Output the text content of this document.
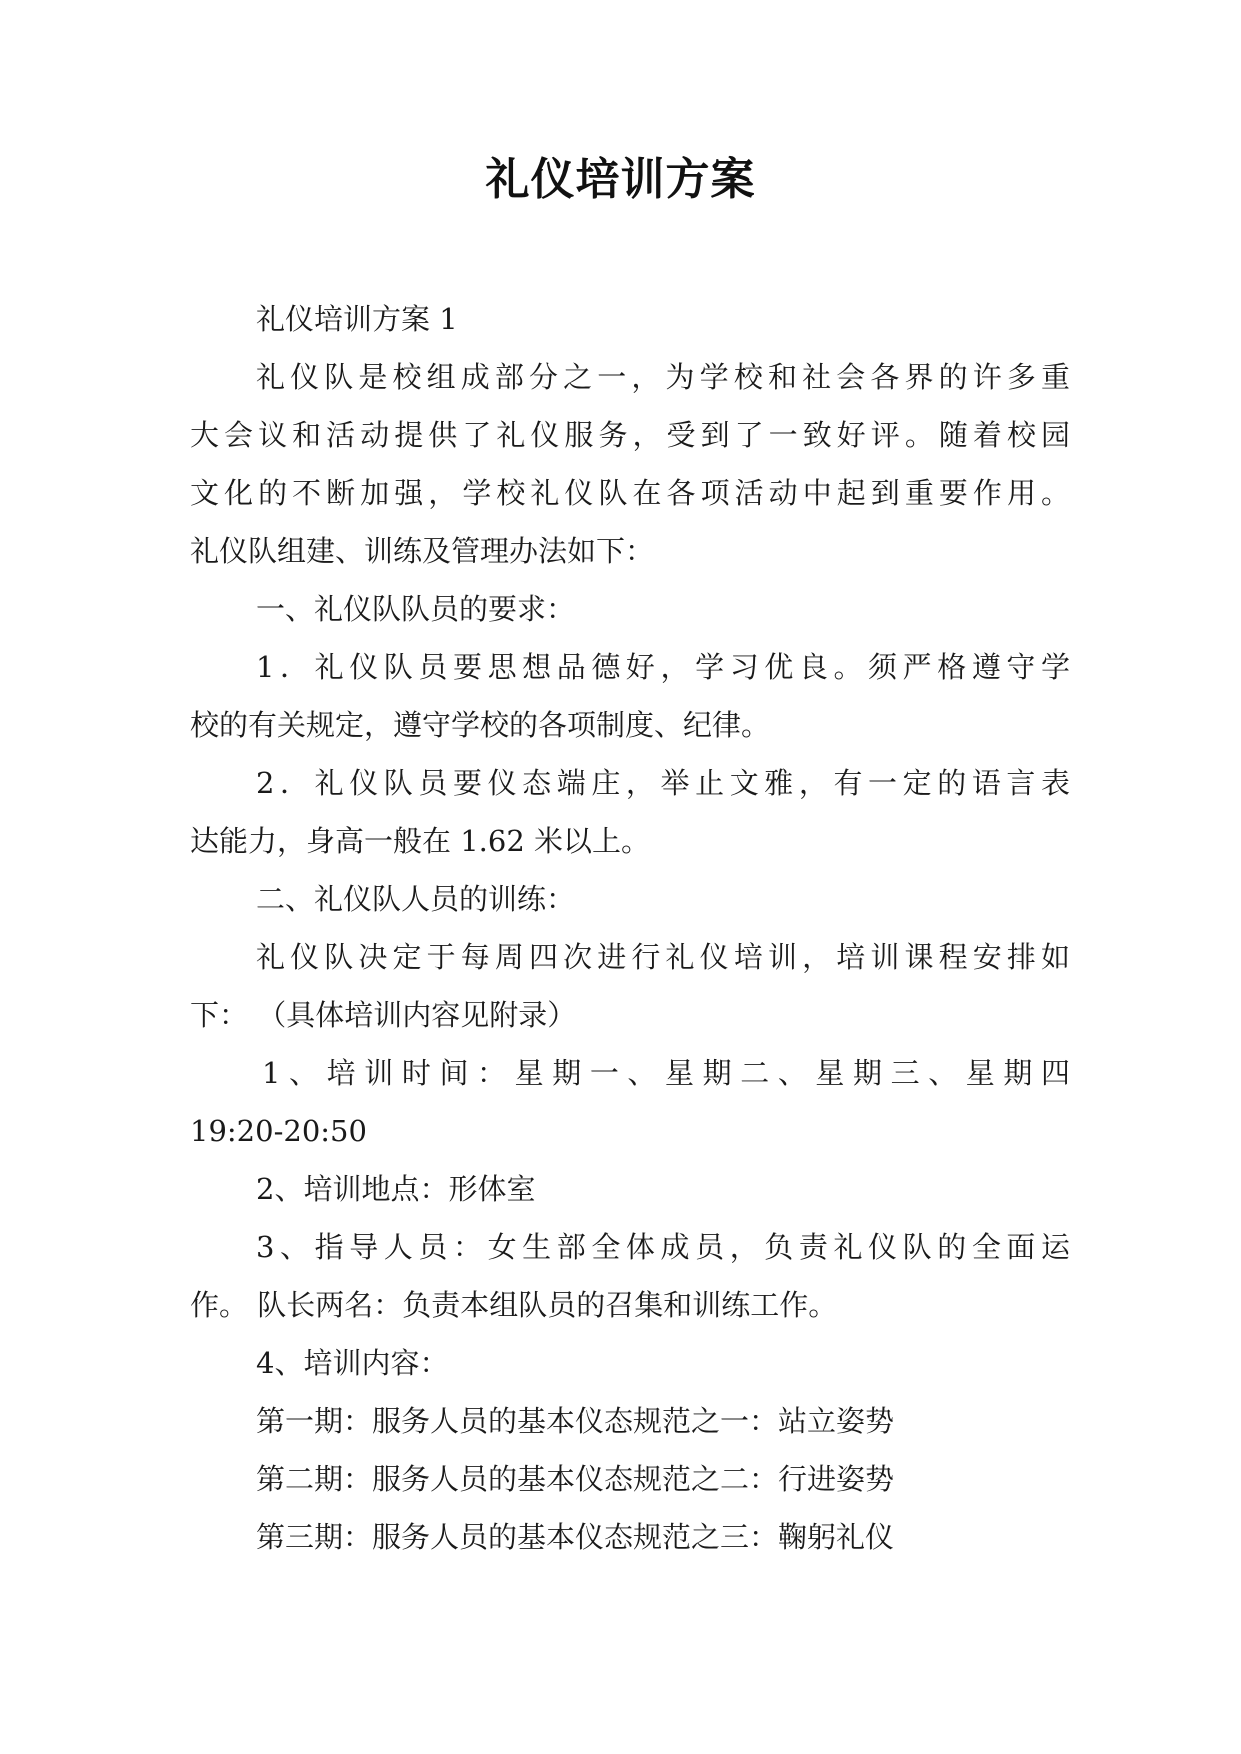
礼仪培训方案
礼仪培训方案 1
礼仪队是校组成部分之一，为学校和社会各界的许多重
大会议和活动提供了礼仪服务，受到了一致好评。随着校园
文化的不断加强，学校礼仪队在各项活动中起到重要作用。
礼仪队组建、训练及管理办法如下：
一、礼仪队队员的要求：
1．礼仪队员要思想品德好，学习优良。须严格遵守学
校的有关规定，遵守学校的各项制度、纪律。
2．礼仪队员要仪态端庄，举止文雅，有一定的语言表
达能力，身高一般在 1.62 米以上。
二、礼仪队人员的训练：
礼仪队决定于每周四次进行礼仪培训，培训课程安排如
下： （具体培训内容见附录）
1、培训时间：星期一、星期二、星期三、星期四
19:20-20:50
2、培训地点：形体室
3、指导人员：女生部全体成员，负责礼仪队的全面运
作。 队长两名：负责本组队员的召集和训练工作。
4、培训内容：
第一期：服务人员的基本仪态规范之一：站立姿势
第二期：服务人员的基本仪态规范之二：行进姿势
第三期：服务人员的基本仪态规范之三：鞠躬礼仪
